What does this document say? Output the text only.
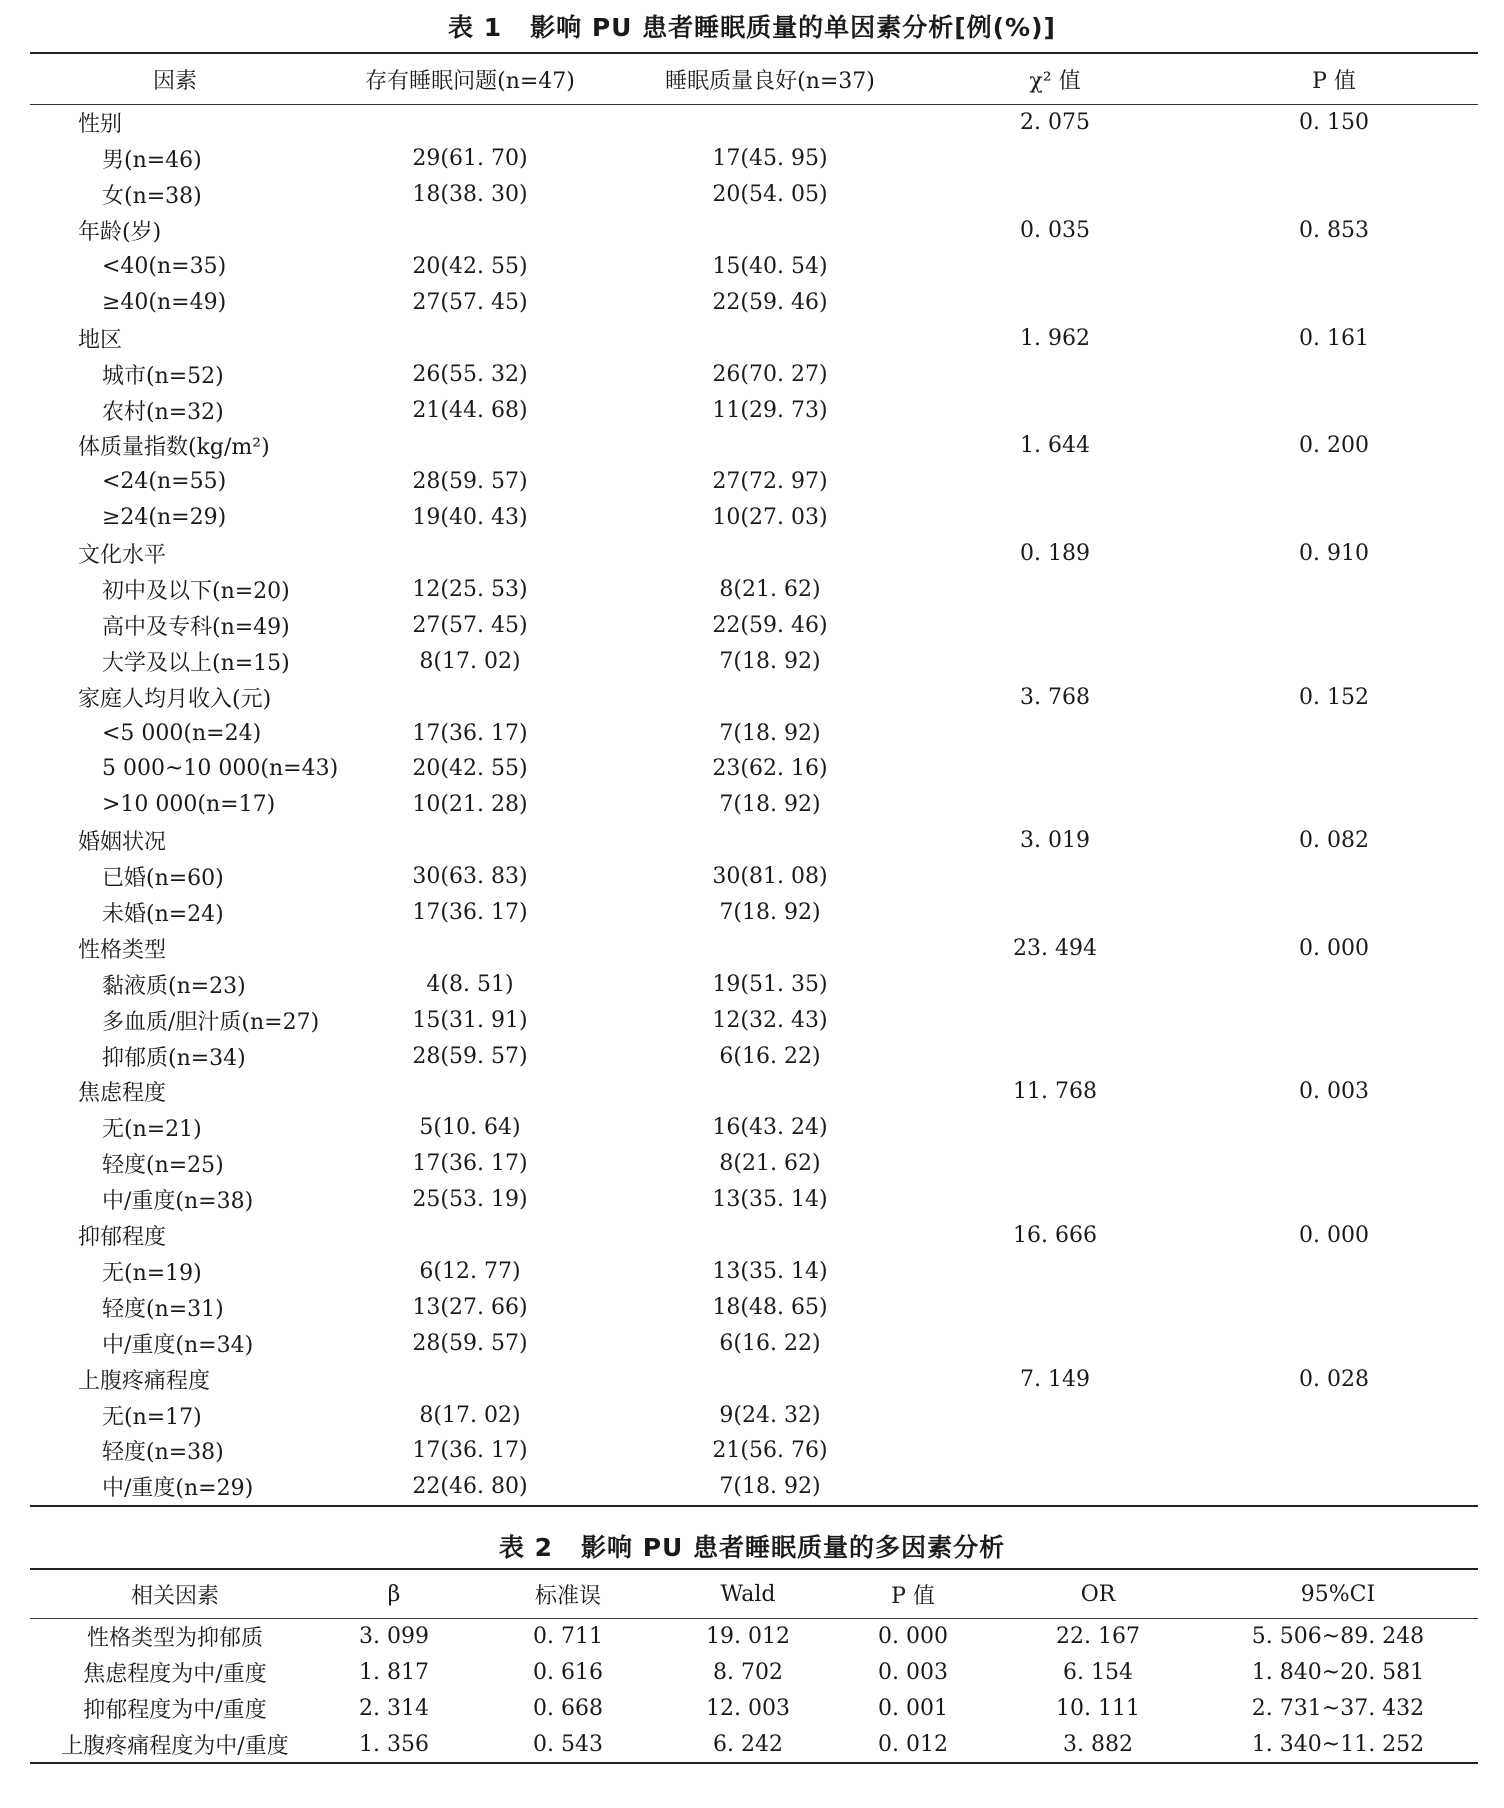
表 1 影响 PU 患者睡眠质量的单因素分析[例(%)]
因素	存有睡眠问题(n=47)	睡眠质量良好(n=37)	χ² 值	P 值
性别			2. 075	0. 150
男(n=46)	29(61. 70)	17(45. 95)		
女(n=38)	18(38. 30)	20(54. 05)		
年龄(岁)			0. 035	0. 853
<40(n=35)	20(42. 55)	15(40. 54)		
≥40(n=49)	27(57. 45)	22(59. 46)		
地区			1. 962	0. 161
城市(n=52)	26(55. 32)	26(70. 27)		
农村(n=32)	21(44. 68)	11(29. 73)		
体质量指数(kg/m²)			1. 644	0. 200
<24(n=55)	28(59. 57)	27(72. 97)		
≥24(n=29)	19(40. 43)	10(27. 03)		
文化水平			0. 189	0. 910
初中及以下(n=20)	12(25. 53)	8(21. 62)		
高中及专科(n=49)	27(57. 45)	22(59. 46)		
大学及以上(n=15)	8(17. 02)	7(18. 92)		
家庭人均月收入(元)			3. 768	0. 152
<5 000(n=24)	17(36. 17)	7(18. 92)		
5 000~10 000(n=43)	20(42. 55)	23(62. 16)		
>10 000(n=17)	10(21. 28)	7(18. 92)		
婚姻状况			3. 019	0. 082
已婚(n=60)	30(63. 83)	30(81. 08)		
未婚(n=24)	17(36. 17)	7(18. 92)		
性格类型			23. 494	0. 000
黏液质(n=23)	4(8. 51)	19(51. 35)		
多血质/胆汁质(n=27)	15(31. 91)	12(32. 43)		
抑郁质(n=34)	28(59. 57)	6(16. 22)		
焦虑程度			11. 768	0. 003
无(n=21)	5(10. 64)	16(43. 24)		
轻度(n=25)	17(36. 17)	8(21. 62)		
中/重度(n=38)	25(53. 19)	13(35. 14)		
抑郁程度			16. 666	0. 000
无(n=19)	6(12. 77)	13(35. 14)		
轻度(n=31)	13(27. 66)	18(48. 65)		
中/重度(n=34)	28(59. 57)	6(16. 22)		
上腹疼痛程度			7. 149	0. 028
无(n=17)	8(17. 02)	9(24. 32)		
轻度(n=38)	17(36. 17)	21(56. 76)		
中/重度(n=29)	22(46. 80)	7(18. 92)		
表 2 影响 PU 患者睡眠质量的多因素分析
相关因素	β	标准误	Wald	P 值	OR	95%CI
性格类型为抑郁质	3. 099	0. 711	19. 012	0. 000	22. 167	5. 506~89. 248
焦虑程度为中/重度	1. 817	0. 616	8. 702	0. 003	6. 154	1. 840~20. 581
抑郁程度为中/重度	2. 314	0. 668	12. 003	0. 001	10. 111	2. 731~37. 432
上腹疼痛程度为中/重度	1. 356	0. 543	6. 242	0. 012	3. 882	1. 340~11. 252
